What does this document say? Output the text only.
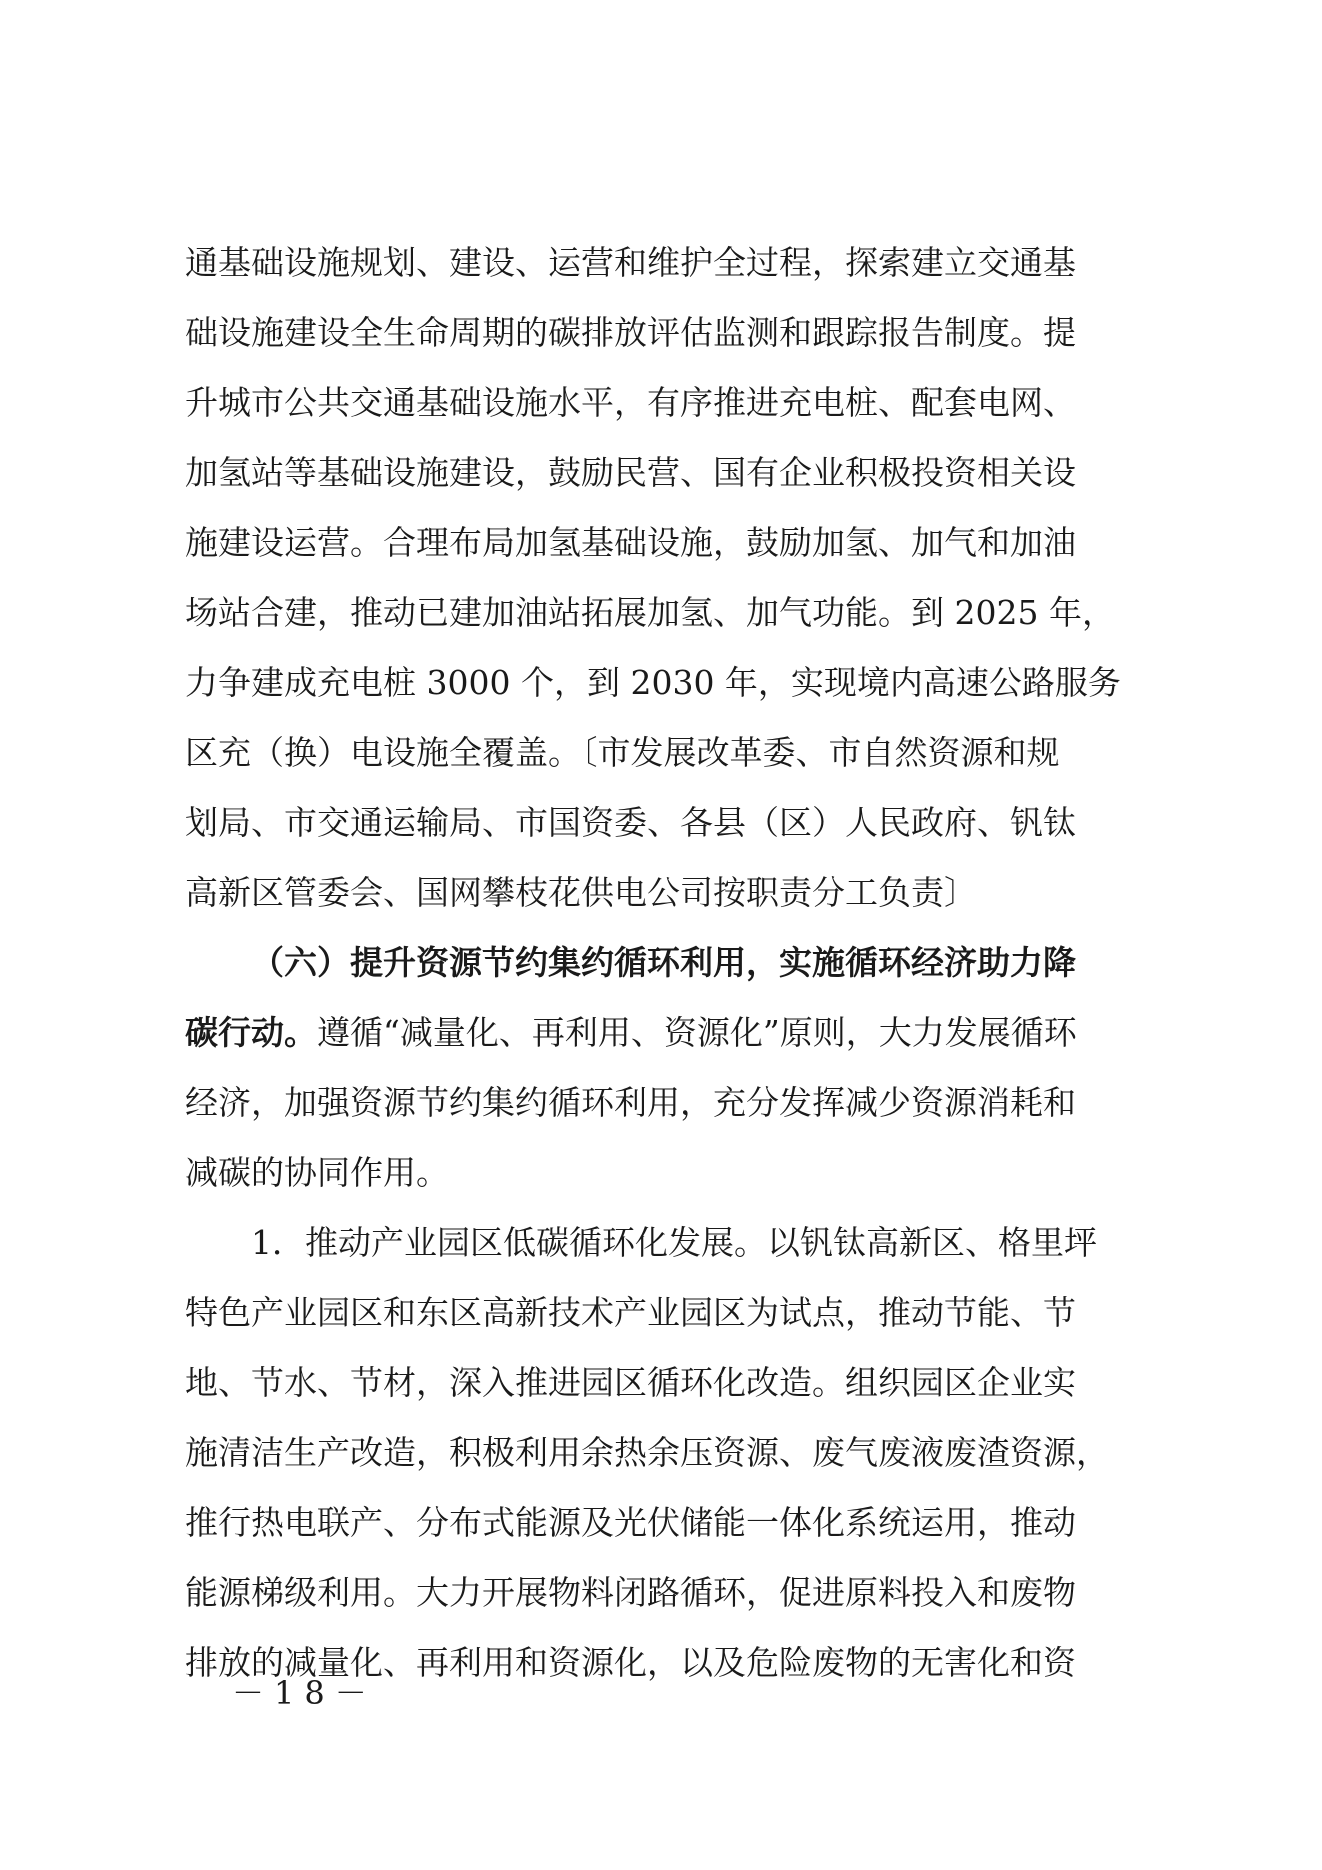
通基础设施规划、建设、运营和维护全过程，探索建立交通基
础设施建设全生命周期的碳排放评估监测和跟踪报告制度。提
升城市公共交通基础设施水平，有序推进充电桩、配套电网、
加氢站等基础设施建设，鼓励民营、国有企业积极投资相关设
施建设运营。合理布局加氢基础设施，鼓励加氢、加气和加油
场站合建，推动已建加油站拓展加氢、加气功能。到 2025 年，
力争建成充电桩 3000 个，到 2030 年，实现境内高速公路服务
区充（换）电设施全覆盖。〔市发展改革委、市自然资源和规
划局、市交通运输局、市国资委、各县（区）人民政府、钒钛
高新区管委会、国网攀枝花供电公司按职责分工负责〕
（六）提升资源节约集约循环利用，实施循环经济助力降
碳行动。遵循“减量化、再利用、资源化”原则，大力发展循环
经济，加强资源节约集约循环利用，充分发挥减少资源消耗和
减碳的协同作用。
1．推动产业园区低碳循环化发展。以钒钛高新区、格里坪
特色产业园区和东区高新技术产业园区为试点，推动节能、节
地、节水、节材，深入推进园区循环化改造。组织园区企业实
施清洁生产改造，积极利用余热余压资源、废气废液废渣资源，
推行热电联产、分布式能源及光伏储能一体化系统运用，推动
能源梯级利用。大力开展物料闭路循环，促进原料投入和废物
排放的减量化、再利用和资源化，以及危险废物的无害化和资
－18－
